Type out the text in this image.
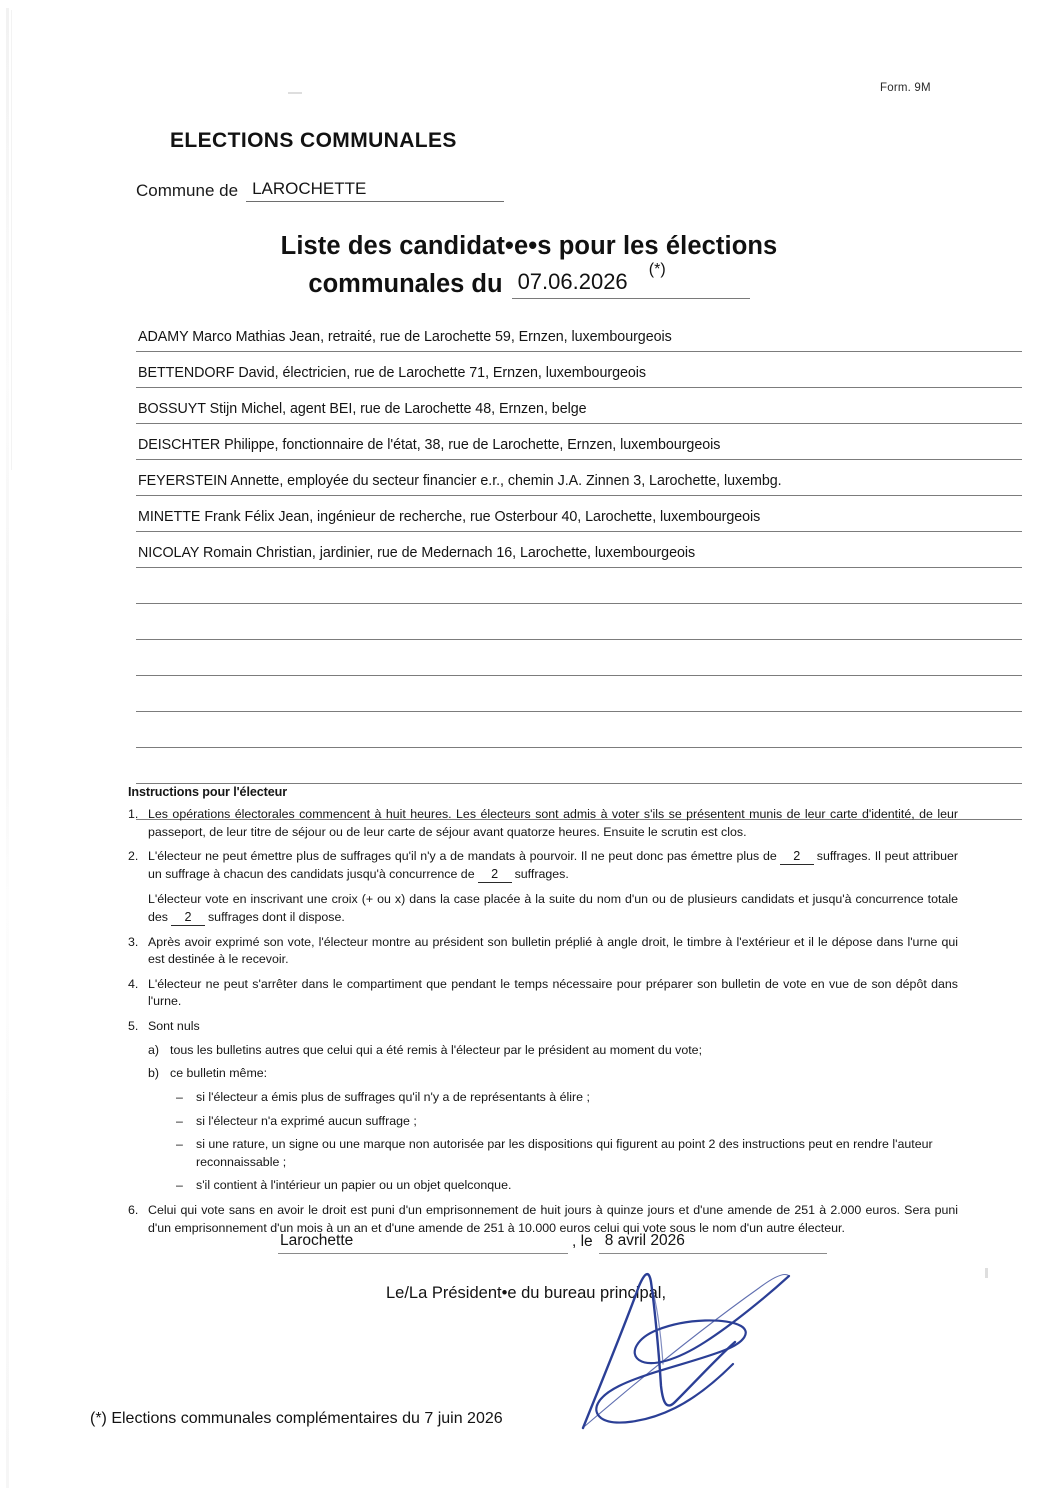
Form. 9M
ELECTIONS COMMUNALES
Commune de LAROCHETTE
Liste des candidat•e•s pour les élections
communales du 07.06.2026 (*)
ADAMY Marco Mathias Jean, retraité, rue de Larochette 59, Ernzen, luxembourgeois
BETTENDORF David, électricien, rue de Larochette 71, Ernzen, luxembourgeois
BOSSUYT Stijn Michel, agent BEI, rue de Larochette 48, Ernzen, belge
DEISCHTER Philippe, fonctionnaire de l'état, 38, rue de Larochette, Ernzen, luxembourgeois
FEYERSTEIN Annette, employée du secteur financier e.r., chemin J.A. Zinnen 3, Larochette, luxembg.
MINETTE Frank Félix Jean, ingénieur de recherche, rue Osterbour 40, Larochette, luxembourgeois
NICOLAY Romain Christian, jardinier, rue de Medernach 16, Larochette, luxembourgeois
Instructions pour l'électeur
1. Les opérations électorales commencent à huit heures. Les électeurs sont admis à voter s'ils se présentent munis de leur carte d'identité, de leur passeport, de leur titre de séjour ou de leur carte de séjour avant quatorze heures. Ensuite le scrutin est clos.
2. L'électeur ne peut émettre plus de suffrages qu'il n'y a de mandats à pourvoir. Il ne peut donc pas émettre plus de 2 suffrages. Il peut attribuer un suffrage à chacun des candidats jusqu'à concurrence de 2 suffrages.
L'électeur vote en inscrivant une croix (+ ou x) dans la case placée à la suite du nom d'un ou de plusieurs candidats et jusqu'à concurrence totale des 2 suffrages dont il dispose.
3. Après avoir exprimé son vote, l'électeur montre au président son bulletin préplié à angle droit, le timbre à l'extérieur et il le dépose dans l'urne qui est destinée à le recevoir.
4. L'électeur ne peut s'arrêter dans le compartiment que pendant le temps nécessaire pour préparer son bulletin de vote en vue de son dépôt dans l'urne.
5. Sont nuls
a) tous les bulletins autres que celui qui a été remis à l'électeur par le président au moment du vote;
b) ce bulletin même:
–	si l'électeur a émis plus de suffrages qu'il n'y a de représentants à élire ;
–	si l'électeur n'a exprimé aucun suffrage ;
–	si une rature, un signe ou une marque non autorisée par les dispositions qui figurent au point 2 des instructions peut en rendre l'auteur reconnaissable ;
–	s'il contient à l'intérieur un papier ou un objet quelconque.
6. Celui qui vote sans en avoir le droit est puni d'un emprisonnement de huit jours à quinze jours et d'une amende de 251 à 2.000 euros. Sera puni d'un emprisonnement d'un mois à un an et d'une amende de 251 à 10.000 euros celui qui vote sous le nom d'un autre électeur.
Larochette	, le 8 avril 2026
Le/La Président•e du bureau principal,
(*) Elections communales complémentaires du 7 juin 2026
